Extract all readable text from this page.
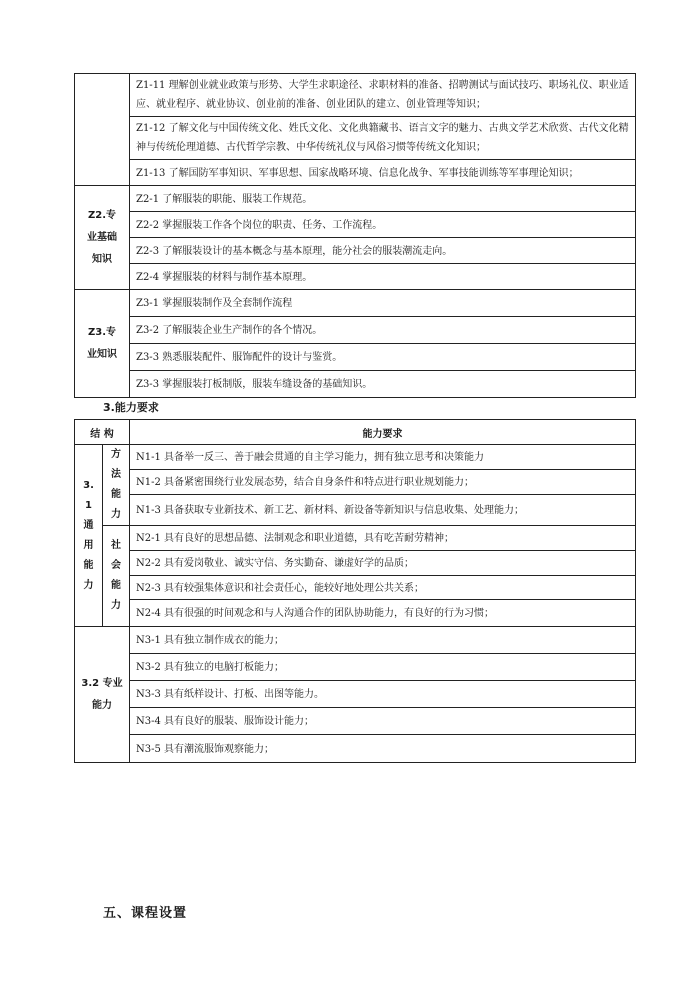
	Z1-11 理解创业就业政策与形势、大学生求职途径、求职材料的准备、招聘测试与面试技巧、职场礼仪、职业适应、就业程序、就业协议、创业前的准备、创业团队的建立、创业管理等知识；
	Z1-12 了解文化与中国传统文化、姓氏文化、文化典籍藏书、语言文字的魅力、古典文学艺术欣赏、古代文化精神与传统伦理道德、古代哲学宗教、中华传统礼仪与风俗习惯等传统文化知识；
	Z1-13 了解国防军事知识、军事思想、国家战略环境、信息化战争、军事技能训练等军事理论知识；

Z2.专业基础知识	Z2-1 了解服装的职能、服装工作规范。
	Z2-2 掌握服装工作各个岗位的职责、任务、工作流程。
	Z2-3 了解服装设计的基本概念与基本原理，能分社会的服装潮流走向。
	Z2-4 掌握服装的材料与制作基本原理。

Z3.专业知识	Z3-1 掌握服装制作及全套制作流程
	Z3-2 了解服装企业生产制作的各个情况。
	Z3-3 熟悉服装配件、服饰配件的设计与鉴赏。
	Z3-3 掌握服装打板制版，服装车缝设备的基础知识。
3.能力要求
结 构		能力要求

3.1通用能力	方法能力	N1-1 具备举一反三、善于融会贯通的自主学习能力，拥有独立思考和决策能力
		N1-2 具备紧密围绕行业发展态势，结合自身条件和特点进行职业规划能力；
		N1-3 具备获取专业新技术、新工艺、新材料、新设备等新知识与信息收集、处理能力；

	社会能力	N2-1 具有良好的思想品德、法制观念和职业道德，具有吃苦耐劳精神；
		N2-2 具有爱岗敬业、诚实守信、务实勤奋、谦虚好学的品质；
		N2-3 具有较强集体意识和社会责任心，能较好地处理公共关系；
		N2-4 具有很强的时间观念和与人沟通合作的团队协助能力，有良好的行为习惯；

3.2 专业能力		N3-1 具有独立制作成衣的能力；
		N3-2 具有独立的电脑打板能力；
		N3-3 具有纸样设计、打板、出图等能力。
		N3-4 具有良好的服装、服饰设计能力；
		N3-5 具有潮流服饰观察能力；
五、课程设置
